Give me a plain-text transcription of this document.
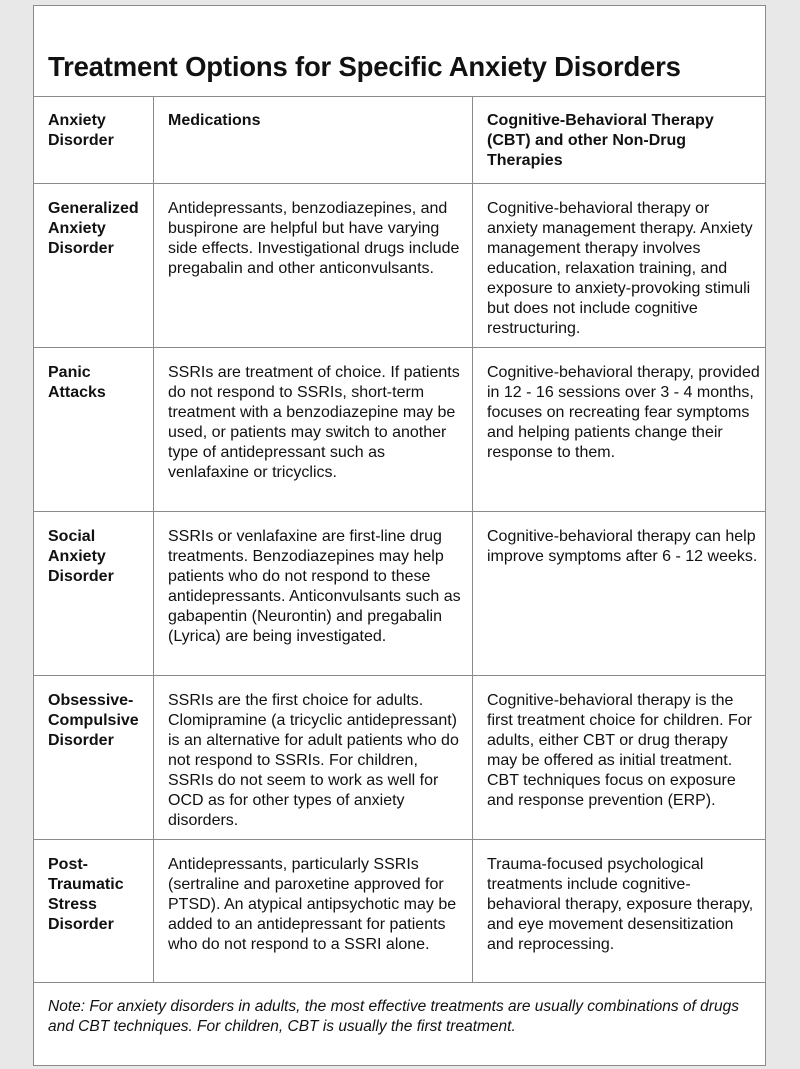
Treatment Options for Specific Anxiety Disorders
Anxiety Disorder
Medications	Cognitive-Behavioral Therapy (CBT) and other Non-Drug Therapies
Generalized Anxiety Disorder
Antidepressants, benzodiazepines, and buspirone are helpful but have varying side effects. Investigational drugs include pregabalin and other anticonvulsants.
Cognitive-behavioral therapy or anxiety management therapy. Anxiety management therapy involves education, relaxation training, and exposure to anxiety-provoking stimuli but does not include cognitive restructuring.
Panic Attacks
SSRIs are treatment of choice. If patients do not respond to SSRIs, short-term treatment with a benzodiazepine may be used, or patients may switch to another type of antidepressant such as venlafaxine or tricyclics.
Cognitive-behavioral therapy, provided in 12 - 16 sessions over 3 - 4 months, focuses on recreating fear symptoms and helping patients change their response to them.
Social Anxiety Disorder
SSRIs or venlafaxine are first-line drug treatments. Benzodiazepines may help patients who do not respond to these antidepressants. Anticonvulsants such as gabapentin (Neurontin) and pregabalin (Lyrica) are being investigated.
Cognitive-behavioral therapy can help improve symptoms after 6 - 12 weeks.
Obsessive-Compulsive Disorder
SSRIs are the first choice for adults. Clomipramine (a tricyclic antidepressant) is an alternative for adult patients who do not respond to SSRIs. For children, SSRIs do not seem to work as well for OCD as for other types of anxiety disorders.
Cognitive-behavioral therapy is the first treatment choice for children. For adults, either CBT or drug therapy may be offered as initial treatment. CBT techniques focus on exposure and response prevention (ERP).
Post-Traumatic Stress Disorder
Antidepressants, particularly SSRIs (sertraline and paroxetine approved for PTSD). An atypical antipsychotic may be added to an antidepressant for patients who do not respond to a SSRI alone.
Trauma-focused psychological treatments include cognitive-behavioral therapy, exposure therapy, and eye movement desensitization and reprocessing.
Note: For anxiety disorders in adults, the most effective treatments are usually combinations of drugs and CBT techniques. For children, CBT is usually the first treatment.
